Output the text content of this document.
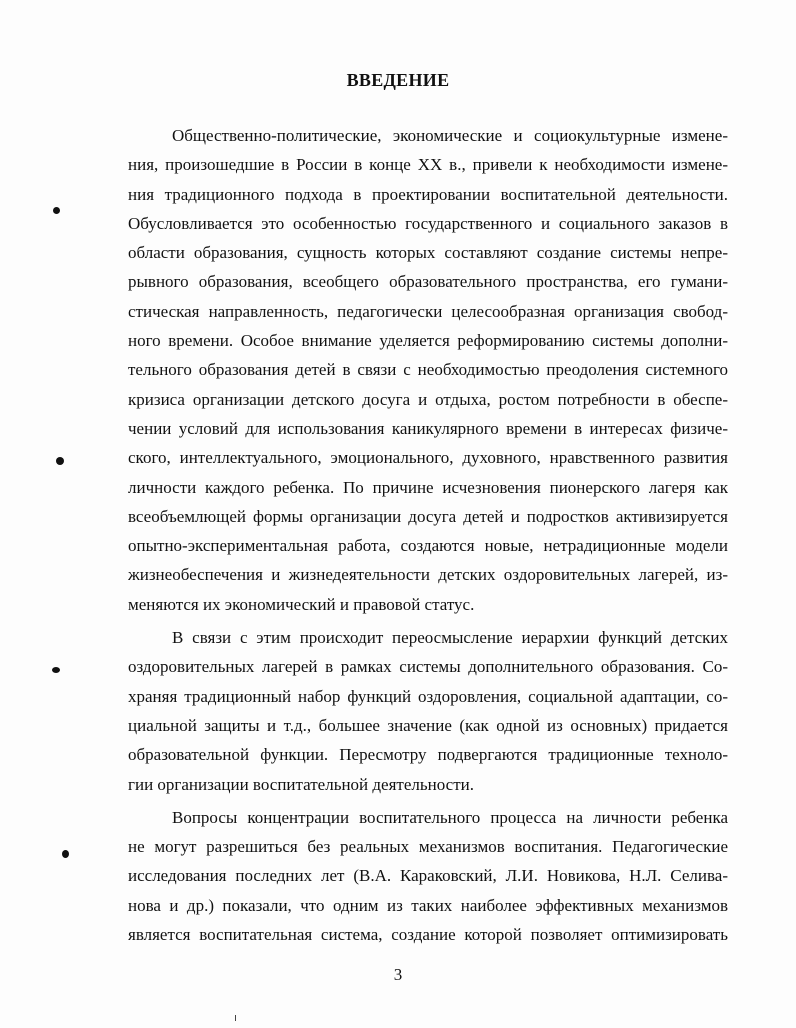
ВВЕДЕНИЕ
Общественно-политические, экономические и социокультурные измене-
ния, произошедшие в России в конце XX в., привели к необходимости измене-
ния традиционного подхода в проектировании воспитательной деятельности.
Обусловливается это особенностью государственного и социального заказов в
области образования, сущность которых составляют создание системы непре-
рывного образования, всеобщего образовательного пространства, его гумани-
стическая направленность, педагогически целесообразная организация свобод-
ного времени. Особое внимание уделяется реформированию системы дополни-
тельного образования детей в связи с необходимостью преодоления системного
кризиса организации детского досуга и отдыха, ростом потребности в обеспе-
чении условий для использования каникулярного времени в интересах физиче-
ского, интеллектуального, эмоционального, духовного, нравственного развития
личности каждого ребенка. По причине исчезновения пионерского лагеря как
всеобъемлющей формы организации досуга детей и подростков активизируется
опытно-экспериментальная работа, создаются новые, нетрадиционные модели
жизнеобеспечения и жизнедеятельности детских оздоровительных лагерей, из-
меняются их экономический и правовой статус.
В связи с этим происходит переосмысление иерархии функций детских
оздоровительных лагерей в рамках системы дополнительного образования. Со-
храняя традиционный набор функций оздоровления, социальной адаптации, со-
циальной защиты и т.д., большее значение (как одной из основных) придается
образовательной функции. Пересмотру подвергаются традиционные техноло-
гии организации воспитательной деятельности.
Вопросы концентрации воспитательного процесса на личности ребенка
не могут разрешиться без реальных механизмов воспитания. Педагогические
исследования последних лет (В.А. Караковский, Л.И. Новикова, Н.Л. Селива-
нова и др.) показали, что одним из таких наиболее эффективных механизмов
является воспитательная система, создание которой позволяет оптимизировать
3
